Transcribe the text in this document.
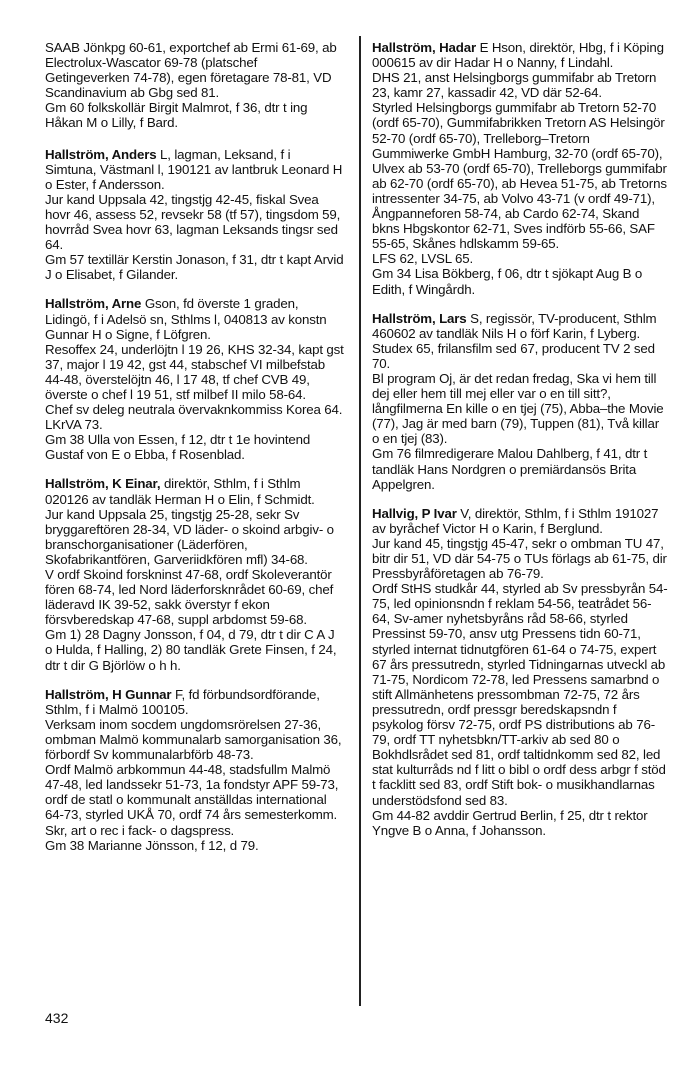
SAAB Jönkpg 60-61, exportchef ab Ermi 61-69, ab Electrolux-Wascator 69-78 (platschef Getingeverken 74-78), egen företagare 78-81, VD Scandinavium ab Gbg sed 81.

Gm 60 folkskollär Birgit Malmrot, f 36, dtr t ing Håkan M o Lilly, f Bard.

Hallström, Anders L, lagman, Leksand, f i Simtuna, Västmanl l, 190121 av lantbruk Leonard H o Ester, f Andersson.

Jur kand Uppsala 42, tingstjg 42-45, fiskal Svea hovr 46, assess 52, revsekr 58 (tf 57), tingsdom 59, hovrråd Svea hovr 63, lagman Leksands tingsr sed 64.

Gm 57 textillär Kerstin Jonason, f 31, dtr t kapt Arvid J o Elisabet, f Gilander.

Hallström, Arne Gson, fd överste 1 graden, Lidingö, f i Adelsö sn, Sthlms l, 040813 av konstn Gunnar H o Signe, f Löfgren.

Resoffex 24, underlöjtn l 19 26, KHS 32-34, kapt gst 37, major l 19 42, gst 44, stabschef VI milbefstab 44-48, överstelöjtn 46, l 17 48, tf chef CVB 49, överste o chef l 19 51, stf milbef II milo 58-64.

Chef sv deleg neutrala övervaknkommiss Korea 64.

LKrVA 73.

Gm 38 Ulla von Essen, f 12, dtr t 1e hovintend Gustaf von E o Ebba, f Rosenblad.

Hallström, K Einar, direktör, Sthlm, f i Sthlm 020126 av tandläk Herman H o Elin, f Schmidt.

Jur kand Uppsala 25, tingstjg 25-28, sekr Sv bryggareftören 28-34, VD läder- o skoind arbgiv- o branschorganisationer (Läderfören, Skofabrikantfören, Garveriidkfören mfl) 34-68.

V ordf Skoind forskninst 47-68, ordf Skoleverantör fören 68-74, led Nord läderforsknrådet 60-69, chef läderavd IK 39-52, sakk överstyr f ekon försvberedskap 47-68, suppl arbdomst 59-68.

Gm 1) 28 Dagny Jonsson, f 04, d 79, dtr t dir C A J o Hulda, f Halling, 2) 80 tandläk Grete Finsen, f 24, dtr t dir G Björlöw o h h.

Hallström, H Gunnar F, fd förbundsordförande, Sthlm, f i Malmö 100105.

Verksam inom socdem ungdomsrörelsen 27-36, ombman Malmö kommunalarb samorganisation 36, förbordf Sv kommunalarbförb 48-73.

Ordf Malmö arbkommun 44-48, stadsfullm Malmö 47-48, led landssekr 51-73, 1a fondstyr APF 59-73, ordf de statl o kommunalt anställdas international 64-73, styrled UKÅ 70, ordf 74 års semesterkomm.

Skr, art o rec i fack- o dagspress.

Gm 38 Marianne Jönsson, f 12, d 79.

Hallström, Hadar E Hson, direktör, Hbg, f i Köping 000615 av dir Hadar H o Nanny, f Lindahl.

DHS 21, anst Helsingborgs gummifabr ab Tretorn 23, kamr 27, kassadir 42, VD där 52-64.

Styrled Helsingborgs gummifabr ab Tretorn 52-70 (ordf 65-70), Gummifabrikken Tretorn AS Helsingör 52-70 (ordf 65-70), Trelleborg–Tretorn Gummiwerke GmbH Hamburg, 32-70 (ordf 65-70), Ulvex ab 53-70 (ordf 65-70), Trelleborgs gummifabr ab 62-70 (ordf 65-70), ab Hevea 51-75, ab Tretorns intressenter 34-75, ab Volvo 43-71 (v ordf 49-71), Ångpanneforen 58-74, ab Cardo 62-74, Skand bkns Hbgskontor 62-71, Sves indförb 55-66, SAF 55-65, Skånes hdlskamm 59-65.

LFS 62, LVSL 65.

Gm 34 Lisa Bökberg, f 06, dtr t sjökapt Aug B o Edith, f Wingårdh.

Hallström, Lars S, regissör, TV-producent, Sthlm 460602 av tandläk Nils H o förf Karin, f Lyberg.

Studex 65, frilansfilm sed 67, producent TV 2 sed 70.

Bl program Oj, är det redan fredag, Ska vi hem till dej eller hem till mej eller var o en till sitt?, långfilmerna En kille o en tjej (75), Abba–the Movie (77), Jag är med barn (79), Tuppen (81), Två killar o en tjej (83).

Gm 76 filmredigerare Malou Dahlberg, f 41, dtr t tandläk Hans Nordgren o premiärdansös Brita Appelgren.

Hallvig, P Ivar V, direktör, Sthlm, f i Sthlm 191027 av byråchef Victor H o Karin, f Berglund.

Jur kand 45, tingstjg 45-47, sekr o ombman TU 47, bitr dir 51, VD där 54-75 o TUs förlags ab 61-75, dir Pressbyråföretagen ab 76-79.

Ordf StHS studkår 44, styrled ab Sv pressbyrån 54-75, led opinionsndn f reklam 54-56, teatrådet 56-64, Sv-amer nyhetsbyråns råd 58-66, styrled Pressinst 59-70, ansv utg Pressens tidn 60-71, styrled internat tidnutgfören 61-64 o 74-75, expert 67 års pressutredn, styrled Tidningarnas utveckl ab 71-75, Nordicom 72-78, led Pressens samarbnd o stift Allmänhetens pressombman 72-75, 72 års pressutredn, ordf pressgr beredskapsndn f psykolog försv 72-75, ordf PS distributions ab 76-79, ordf TT nyhetsbkn/TT-arkiv ab sed 80 o Bokhdlsrådet sed 81, ordf taltidnkomm sed 82, led stat kulturråds nd f litt o bibl o ordf dess arbgr f stöd t facklitt sed 83, ordf Stift bok- o musikhandlarnas understödsfond sed 83.

Gm 44-82 avddir Gertrud Berlin, f 25, dtr t rektor Yngve B o Anna, f Johansson.

432
